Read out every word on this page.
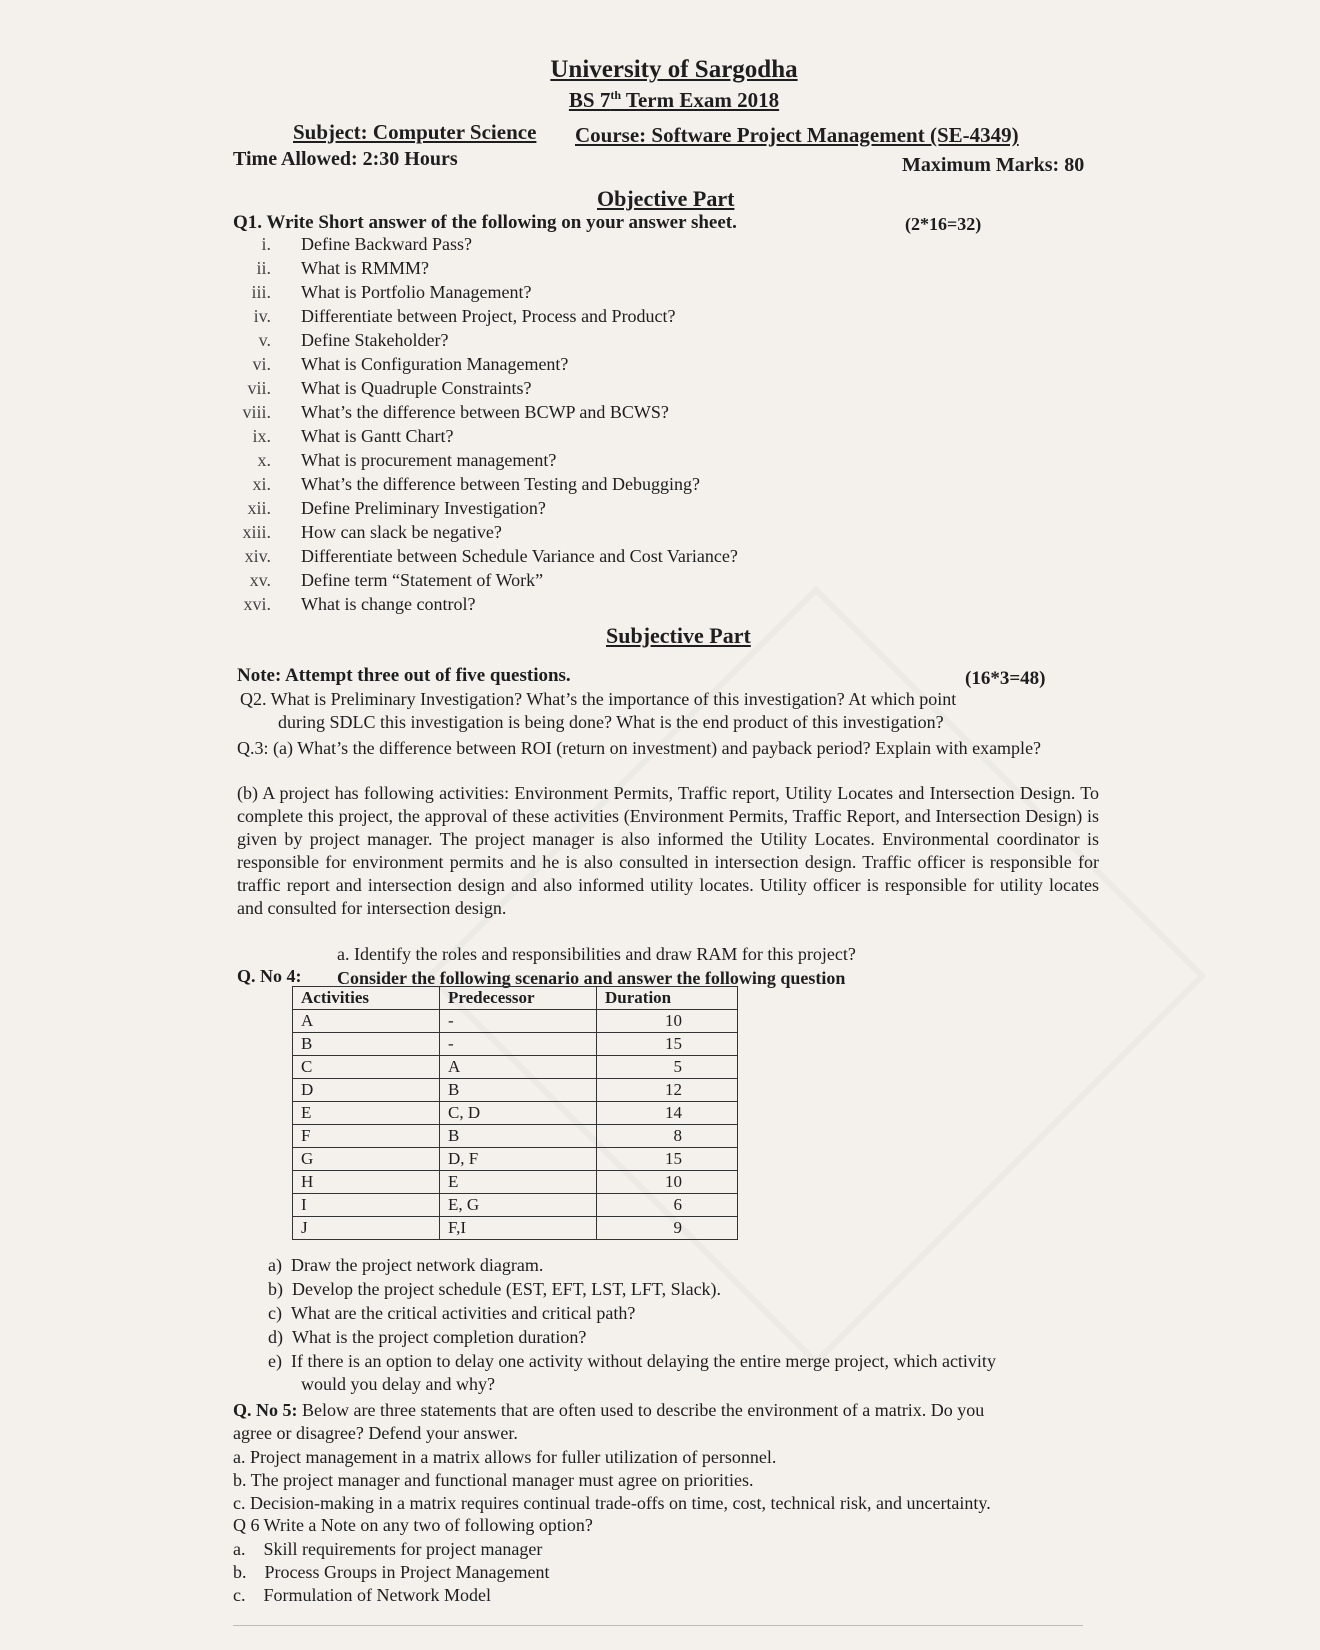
University of Sargodha
BS 7th Term Exam 2018
Subject: Computer Science Course: Software Project Management (SE-4349)
Time Allowed: 2:30 Hours	Maximum Marks: 80
Objective Part
Q1. Write Short answer of the following on your answer sheet.	(2*16=32)
i. Define Backward Pass?
ii. What is RMMM?
iii. What is Portfolio Management?
iv. Differentiate between Project, Process and Product?
v. Define Stakeholder?
vi. What is Configuration Management?
vii. What is Quadruple Constraints?
viii. What’s the difference between BCWP and BCWS?
ix. What is Gantt Chart?
x. What is procurement management?
xi. What’s the difference between Testing and Debugging?
xii. Define Preliminary Investigation?
xiii. How can slack be negative?
xiv. Differentiate between Schedule Variance and Cost Variance?
xv. Define term “Statement of Work”
xvi. What is change control?
Subjective Part
Note: Attempt three out of five questions.	(16*3=48)
Q2. What is Preliminary Investigation? What’s the importance of this investigation? At which point
during SDLC this investigation is being done? What is the end product of this investigation?
Q.3: (a) What’s the difference between ROI (return on investment) and payback period? Explain with example?
(b) A project has following activities: Environment Permits, Traffic report, Utility Locates and Intersection Design. To complete this project, the approval of these activities (Environment Permits, Traffic Report, and Intersection Design) is given by project manager. The project manager is also informed the Utility Locates. Environmental coordinator is responsible for environment permits and he is also consulted in intersection design. Traffic officer is responsible for traffic report and intersection design and also informed utility locates. Utility officer is responsible for utility locates and consulted for intersection design.
a. Identify the roles and responsibilities and draw RAM for this project?
Q. No 4: Consider the following scenario and answer the following question
Activities	Predecessor	Duration
A	-	10
B	-	15
C	A	5
D	B	12
E	C, D	14
F	B	8
G	D, F	15
H	E	10
I	E, G	6
J	F,I	9
a) Draw the project network diagram.
b) Develop the project schedule (EST, EFT, LST, LFT, Slack).
c) What are the critical activities and critical path?
d) What is the project completion duration?
e) If there is an option to delay one activity without delaying the entire merge project, which activity
would you delay and why?
Q. No 5: Below are three statements that are often used to describe the environment of a matrix. Do you
agree or disagree? Defend your answer.
a. Project management in a matrix allows for fuller utilization of personnel.
b. The project manager and functional manager must agree on priorities.
c. Decision-making in a matrix requires continual trade-offs on time, cost, technical risk, and uncertainty.
Q 6 Write a Note on any two of following option?
a. Skill requirements for project manager
b. Process Groups in Project Management
c. Formulation of Network Model
